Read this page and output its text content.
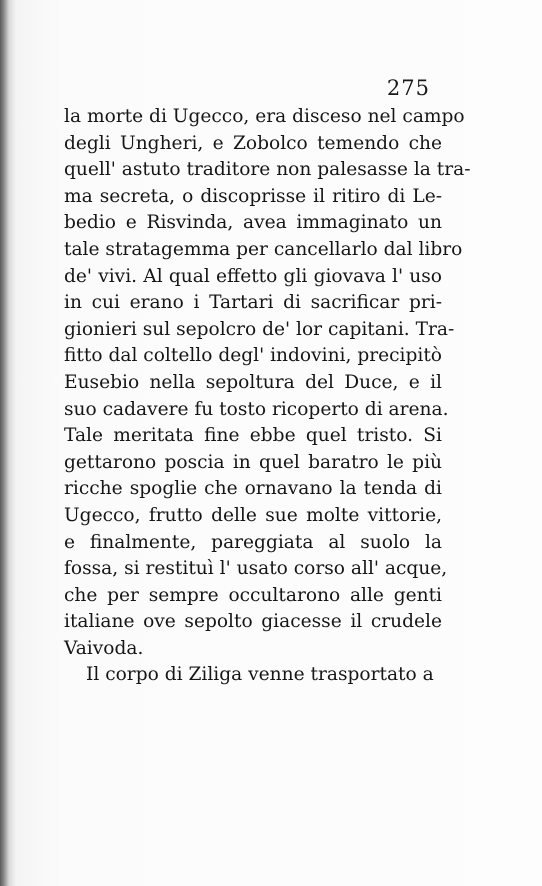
275
la morte di Ugecco, era disceso nel campo
degli Ungheri, e Zobolco temendo che
quell' astuto traditore non palesasse la tra-
ma secreta, o discoprisse il ritiro di Le-
bedio e Risvinda, avea immaginato un
tale stratagemma per cancellarlo dal libro
de' vivi. Al qual effetto gli giovava l' uso
in cui erano i Tartari di sacrificar pri-
gionieri sul sepolcro de' lor capitani. Tra-
fitto dal coltello degl' indovini, precipitò
Eusebio nella sepoltura del Duce, e il
suo cadavere fu tosto ricoperto di arena.
Tale meritata fine ebbe quel tristo. Si
gettarono poscia in quel baratro le più
ricche spoglie che ornavano la tenda di
Ugecco, frutto delle sue molte vittorie,
e finalmente, pareggiata al suolo la
fossa, si restituì l' usato corso all' acque,
che per sempre occultarono alle genti
italiane ove sepolto giacesse il crudele
Vaivoda.
Il corpo di Ziliga venne trasportato a
